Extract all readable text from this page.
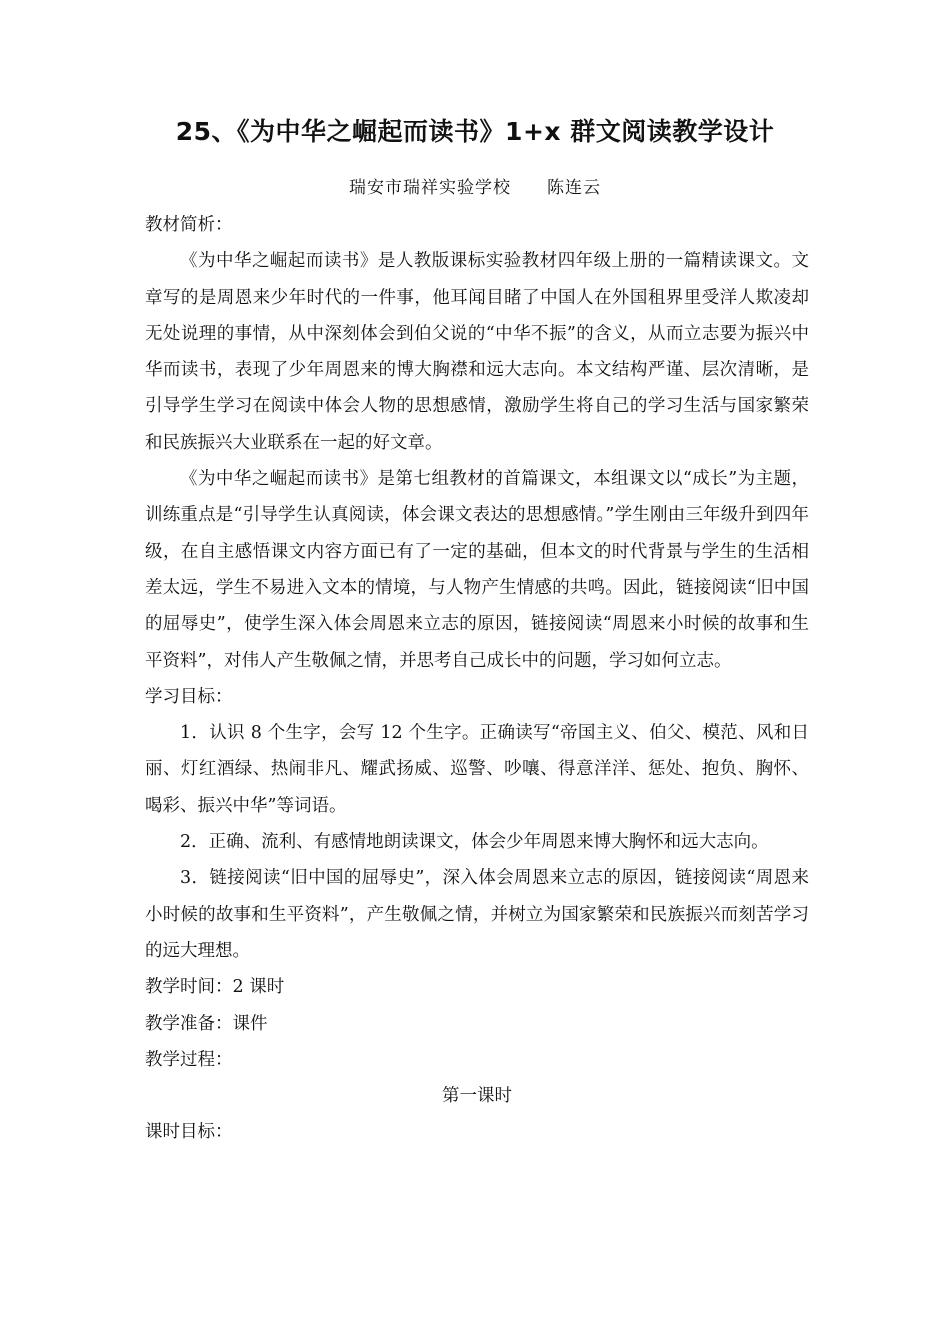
25、《为中华之崛起而读书》1+x 群文阅读教学设计
瑞安市瑞祥实验学校　　陈连云

教材简析：

《为中华之崛起而读书》是人教版课标实验教材四年级上册的一篇精读课文。文章写的是周恩来少年时代的一件事，他耳闻目睹了中国人在外国租界里受洋人欺凌却无处说理的事情，从中深刻体会到伯父说的“中华不振”的含义，从而立志要为振兴中华而读书，表现了少年周恩来的博大胸襟和远大志向。本文结构严谨、层次清晰，是引导学生学习在阅读中体会人物的思想感情，激励学生将自己的学习生活与国家繁荣和民族振兴大业联系在一起的好文章。

《为中华之崛起而读书》是第七组教材的首篇课文，本组课文以“成长”为主题，训练重点是“引导学生认真阅读，体会课文表达的思想感情。”学生刚由三年级升到四年级，在自主感悟课文内容方面已有了一定的基础，但本文的时代背景与学生的生活相差太远，学生不易进入文本的情境，与人物产生情感的共鸣。因此，链接阅读“旧中国的屈辱史”，使学生深入体会周恩来立志的原因，链接阅读“周恩来小时候的故事和生平资料”，对伟人产生敬佩之情，并思考自己成长中的问题，学习如何立志。

学习目标：

1．认识 8 个生字，会写 12 个生字。正确读写“帝国主义、伯父、模范、风和日丽、灯红酒绿、热闹非凡、耀武扬威、巡警、吵嚷、得意洋洋、惩处、抱负、胸怀、喝彩、振兴中华”等词语。

2．正确、流利、有感情地朗读课文，体会少年周恩来博大胸怀和远大志向。

3．链接阅读“旧中国的屈辱史”，深入体会周恩来立志的原因，链接阅读“周恩来小时候的故事和生平资料”，产生敬佩之情，并树立为国家繁荣和民族振兴而刻苦学习的远大理想。

教学时间：2 课时

教学准备：课件

教学过程：

第一课时

课时目标：
